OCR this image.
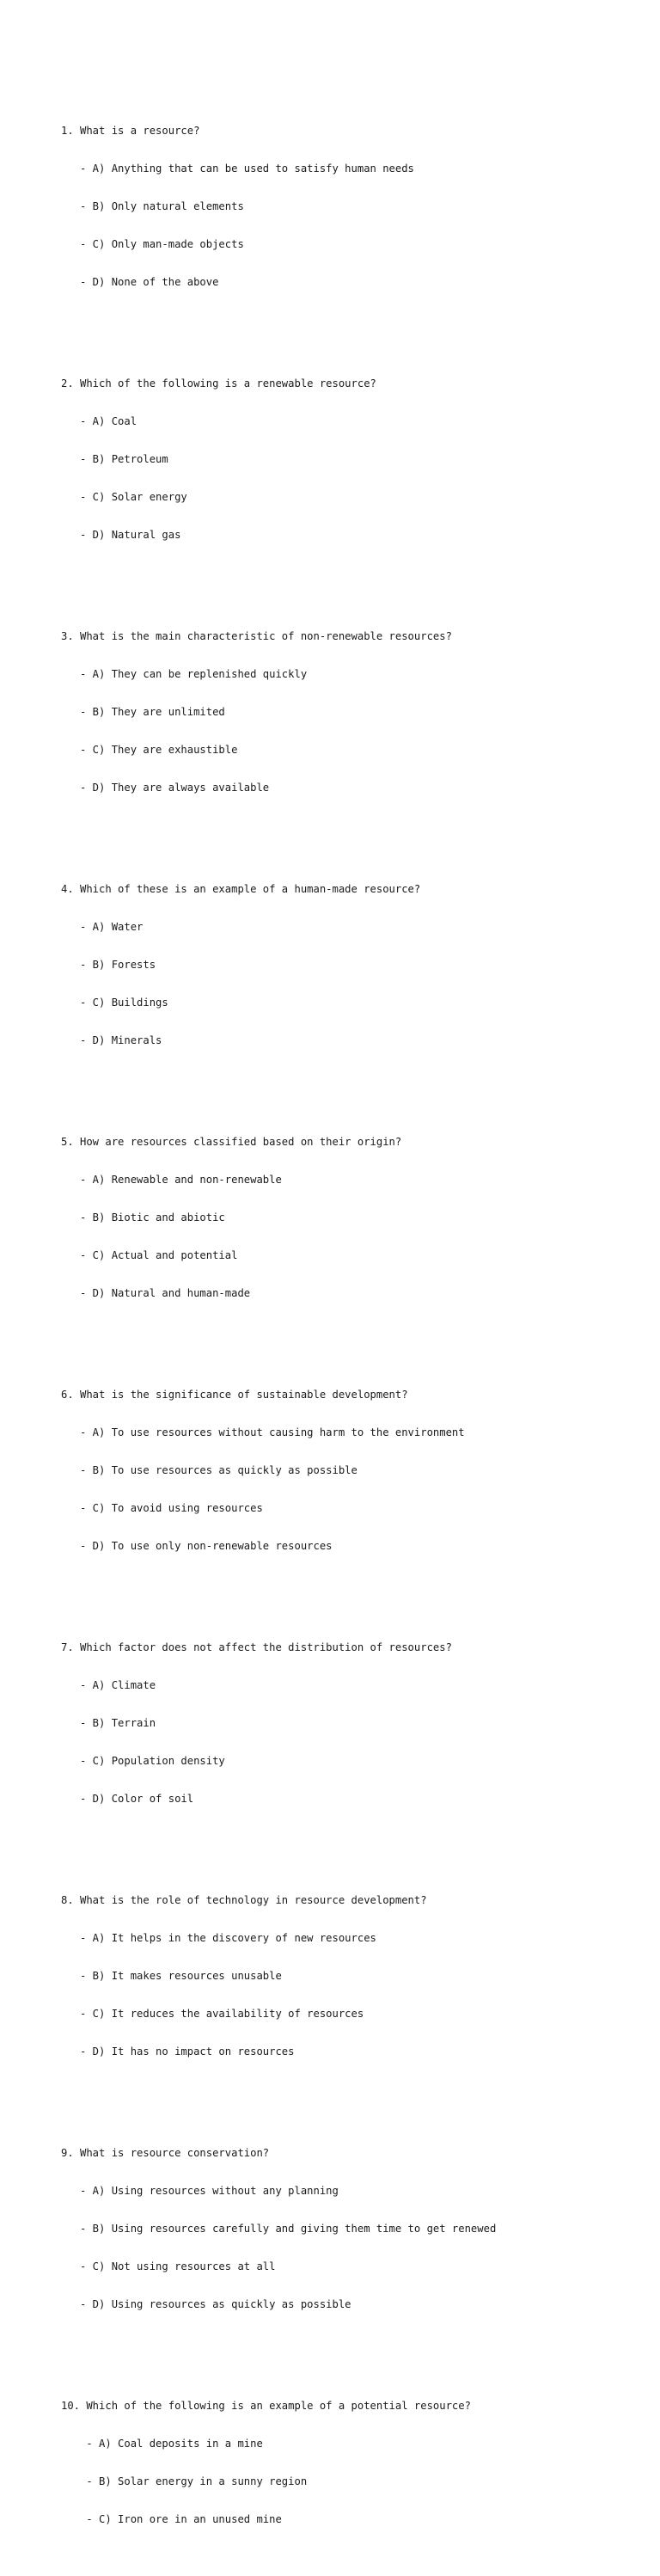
1. What is a resource?

- A) Anything that can be used to satisfy human needs

- B) Only natural elements

- C) Only man-made objects

- D) None of the above

2. Which of the following is a renewable resource?

- A) Coal

- B) Petroleum

- C) Solar energy

- D) Natural gas

3. What is the main characteristic of non-renewable resources?

- A) They can be replenished quickly

- B) They are unlimited

- C) They are exhaustible

- D) They are always available

4. Which of these is an example of a human-made resource?

- A) Water

- B) Forests

- C) Buildings

- D) Minerals

5. How are resources classified based on their origin?

- A) Renewable and non-renewable

- B) Biotic and abiotic

- C) Actual and potential

- D) Natural and human-made

6. What is the significance of sustainable development?

- A) To use resources without causing harm to the environment

- B) To use resources as quickly as possible

- C) To avoid using resources

- D) To use only non-renewable resources

7. Which factor does not affect the distribution of resources?

- A) Climate

- B) Terrain

- C) Population density

- D) Color of soil

8. What is the role of technology in resource development?

- A) It helps in the discovery of new resources

- B) It makes resources unusable

- C) It reduces the availability of resources

- D) It has no impact on resources

9. What is resource conservation?

- A) Using resources without any planning

- B) Using resources carefully and giving them time to get renewed

- C) Not using resources at all

- D) Using resources as quickly as possible

10. Which of the following is an example of a potential resource?

- A) Coal deposits in a mine

- B) Solar energy in a sunny region

- C) Iron ore in an unused mine
